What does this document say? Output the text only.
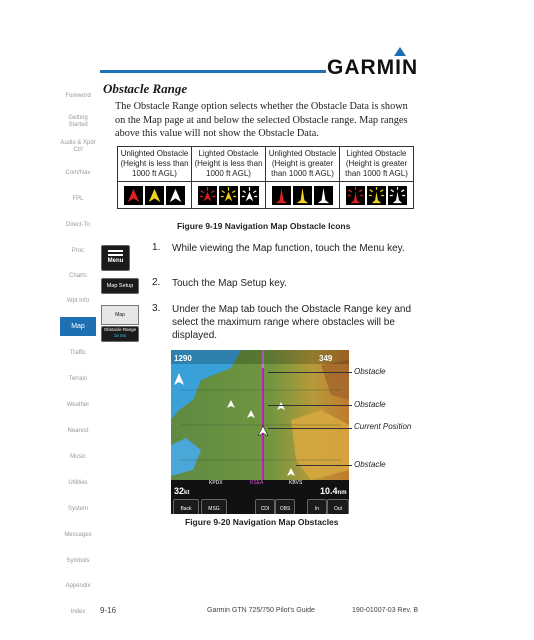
GARMIN
Foreword
Getting Started
Audio & Xpdr Ctrl
Com/Nav
FPL
Direct-To
Proc
Charts
Wpt Info
Map
Traffic
Terrain
Weather
Nearest
Music
Utilities
System
Messages
Symbols
Appendix
Index
Obstacle Range
The Obstacle Range option selects whether the Obstacle Data is shown on the Map page at and below the selected Obstacle range. Map ranges above this value will not show the Obstacle Data.
Unlighted Obstacle (Height is less than 1000 ft AGL)	Lighted Obstacle (Height is less than 1000 ft AGL)	Unlighted Obstacle (Height is greater than 1000 ft AGL)	Lighted Obstacle (Height is greater than 1000 ft AGL)

Figure 9-19 Navigation Map Obstacle Icons
Menu
1. While viewing the Map function, touch the Menu key.
Map Setup	2. Touch the Map Setup key.
Map
Obstacle Range
15 nm
3. Under the Map tab touch the Obstacle Range key and select the maximum range where obstacles will be displayed.
1290	349
KPDX	KSEA	KBVS
32kt	10.4nm
Back	MSG	CDI	OBS	In	Out
Obstacle
Obstacle
Current Position
Obstacle
Figure 9-20 Navigation Map Obstacles
9-16	Garmin GTN 725/750 Pilot's Guide	190-01007-03 Rev. B
